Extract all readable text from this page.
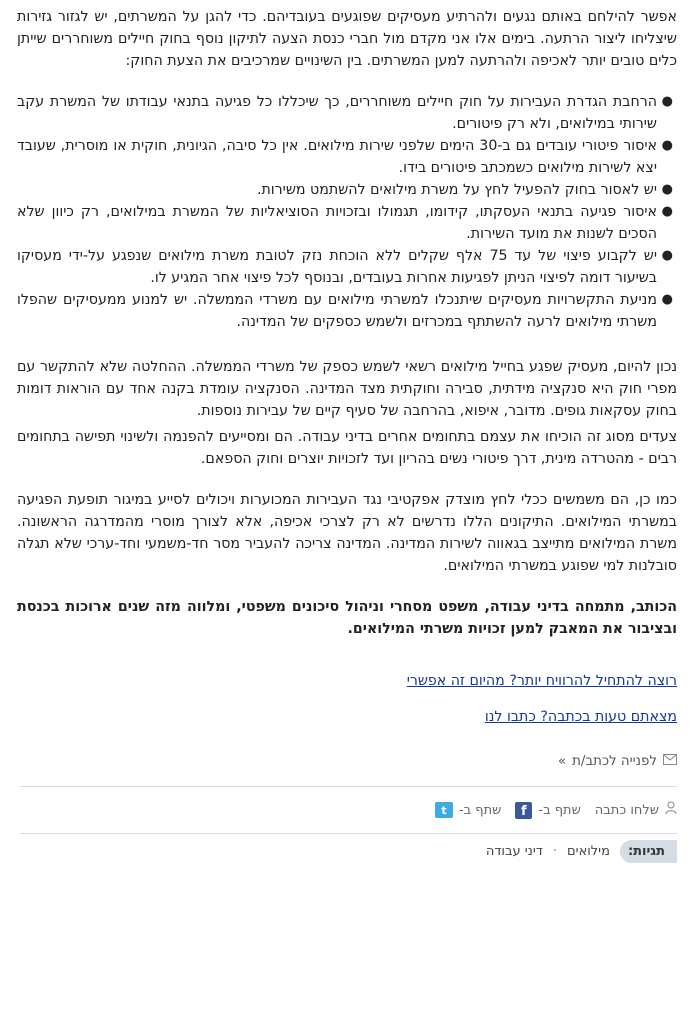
אפשר להילחם באותם נגעים ולהרתיע מעסיקים שפוגעים בעובדיהם. כדי להגן על המשרתים, יש לגזור גזירות שיצליחו ליצור הרתעה. בימים אלו אני מקדם מול חברי כנסת הצעה לתיקון נוסף בחוק חיילים משוחררים שייתן כלים טובים יותר לאכיפה ולהרתעה למען המשרתים. בין השינויים שמרכיבים את הצעת החוק:

●
הרחבת הגדרת העבירות על חוק חיילים משוחררים, כך שיכללו כל פגיעה בתנאי עבודתו של המשרת עקב שירותי במילואים, ולא רק פיטורים.
●
איסור פיטורי עובדים גם ב-30 הימים שלפני שירות מילואים. אין כל סיבה, הגיונית, חוקית או מוסרית, שעובד יצא לשירות מילואים כשמכתב פיטורים בידו.
●
יש לאסור בחוק להפעיל לחץ על משרת מילואים להשתמט משירות.
●
איסור פגיעה בתנאי העסקתו, קידומו, תגמולו ובזכויות הסוציאליות של המשרת במילואים, רק כיוון שלא הסכים לשנות את מועד השירות.
●
יש לקבוע פיצוי של עד 75 אלף שקלים ללא הוכחת נזק לטובת משרת מילואים שנפגע על-ידי מעסיקו בשיעור דומה לפיצוי הניתן לפגיעות אחרות בעובדים, ובנוסף לכל פיצוי אחר המגיע לו.
●
מניעת התקשרויות מעסיקים שיתנכלו למשרתי מילואים עם משרדי הממשלה. יש למנוע ממעסיקים שהפלו משרתי מילואים לרעה להשתתף במכרזים ולשמש כספקים של המדינה.

נכון להיום, מעסיק שפגע בחייל מילואים רשאי לשמש כספק של משרדי הממשלה. ההחלטה שלא להתקשר עם מפרי חוק היא סנקציה מידתית, סבירה וחוקתית מצד המדינה. הסנקציה עומדת בקנה אחד עם הוראות דומות בחוק עסקאות גופים. מדובר, איפוא, בהרחבה של סעיף קיים של עבירות נוספות.

צעדים מסוג זה הוכיחו את עצמם בתחומים אחרים בדיני עבודה. הם ומסייעים להפנמה ולשינוי תפישה בתחומים רבים - מהטרדה מינית, דרך פיטורי נשים בהריון ועד לזכויות יוצרים וחוק הספאם.

כמו כן, הם משמשים ככלי לחץ מוצדק אפקטיבי נגד העבירות המכוערות ויכולים לסייע במיגור תופעת הפגיעה במשרתי המילואים. התיקונים הללו נדרשים לא רק לצרכי אכיפה, אלא לצורך מוסרי מהמדרגה הראשונה. משרת המילואים מתייצב בגאווה לשירות המדינה. המדינה צריכה להעביר מסר חד-משמעי וחד-ערכי שלא תגלה סובלנות למי שפוגע במשרתי המילואים.

הכותב, מתמחה בדיני עבודה, משפט מסחרי וניהול סיכונים משפטי, ומלווה מזה שנים ארוכות בכנסת ובציבור את המאבק למען זכויות משרתי המילואים.

רוצה להתחיל להרוויח יותר? מהיום זה אפשרי
מצאתם טעות בכתבה? כתבו לנו
לפנייה לכתב/ת
»
שלחו כתבה
שתף ב-
f
שתף ב-
t
תגיות:
מילואים
·
דיני עבודה
